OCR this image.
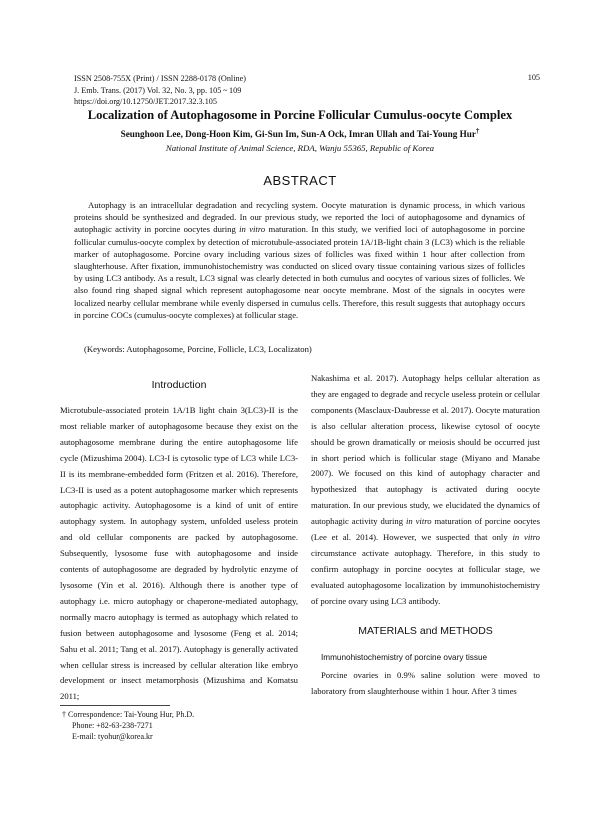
ISSN 2508-755X (Print) / ISSN 2288-0178 (Online)
J. Emb. Trans. (2017) Vol. 32, No. 3, pp. 105 ~ 109
https://doi.org/10.12750/JET.2017.32.3.105
105
Localization of Autophagosome in Porcine Follicular Cumulus-oocyte Complex
Seunghoon Lee, Dong-Hoon Kim, Gi-Sun Im, Sun-A Ock, Imran Ullah and Tai-Young Hur†
National Institute of Animal Science, RDA, Wanju 55365, Republic of Korea
ABSTRACT

Autophagy is an intracellular degradation and recycling system. Oocyte maturation is dynamic process, in which various proteins should be synthesized and degraded. In our previous study, we reported the loci of autophagosome and dynamics of autophagic activity in porcine oocytes during in vitro maturation. In this study, we verified loci of autophagosome in porcine follicular cumulus-oocyte complex by detection of microtubule-associated protein 1A/1B-light chain 3 (LC3) which is the reliable marker of autophagosome. Porcine ovary including various sizes of follicles was fixed within 1 hour after collection from slaughterhouse. After fixation, immunohistochemistry was conducted on sliced ovary tissue containing various sizes of follicles by using LC3 antibody. As a result, LC3 signal was clearly detected in both cumulus and oocytes of various sizes of follicles. We also found ring shaped signal which represent autophagosome near oocyte membrane. Most of the signals in oocytes were localized nearby cellular membrane while evenly dispersed in cumulus cells. Therefore, this result suggests that autophagy occurs in porcine COCs (cumulus-oocyte complexes) at follicular stage.

(Keywords: Autophagosome, Porcine, Follicle, LC3, Localizaton)
Introduction

Microtubule-associated protein 1A/1B light chain 3(LC3)-II is the most reliable marker of autophagosome because they exist on the autophagosome membrane during the entire autophagosome life cycle (Mizushima 2004). LC3-I is cytosolic type of LC3 while LC3-II is its membrane-embedded form (Fritzen et al. 2016). Therefore, LC3-II is used as a potent autophagosome marker which represents autophagic activity. Autophagosome is a kind of unit of entire autophagy system. In autophagy system, unfolded useless protein and old cellular components are packed by autophagosome. Subsequently, lysosome fuse with autophagosome and inside contents of autophagosome are degraded by hydrolytic enzyme of lysosome (Yin et al. 2016). Although there is another type of autophagy i.e. micro autophagy or chaperone-mediated autophagy, normally macro autophagy is termed as autophagy which related to fusion between autophagosome and lysosome (Feng et al. 2014; Sahu et al. 2011; Tang et al. 2017). Autophagy is generally activated when cellular stress is increased by cellular alteration like embryo development or insect metamorphosis (Mizushima and Komatsu 2011;

Nakashima et al. 2017). Autophagy helps cellular alteration as they are engaged to degrade and recycle useless protein or cellular components (Masclaux-Daubresse et al. 2017). Oocyte maturation is also cellular alteration process, likewise cytosol of oocyte should be grown dramatically or meiosis should be occurred just in short period which is follicular stage (Miyano and Manabe 2007). We focused on this kind of autophagy character and hypothesized that autophagy is activated during oocyte maturation. In our previous study, we elucidated the dynamics of autophagic activity during in vitro maturation of porcine oocytes (Lee et al. 2014). However, we suspected that only in vitro circumstance activate autophagy. Therefore, in this study to confirm autophagy in porcine oocytes at follicular stage, we evaluated autophagosome localization by immunohistochemistry of porcine ovary using LC3 antibody.

MATERIALS and METHODS
Immunohistochemistry of porcine ovary tissue

Porcine ovaries in 0.9% saline solution were moved to laboratory from slaughterhouse within 1 hour. After 3 times

† Correspondence: Tai-Young Hur, Ph.D.
Phone: +82-63-238-7271
E-mail: tyohur@korea.kr
